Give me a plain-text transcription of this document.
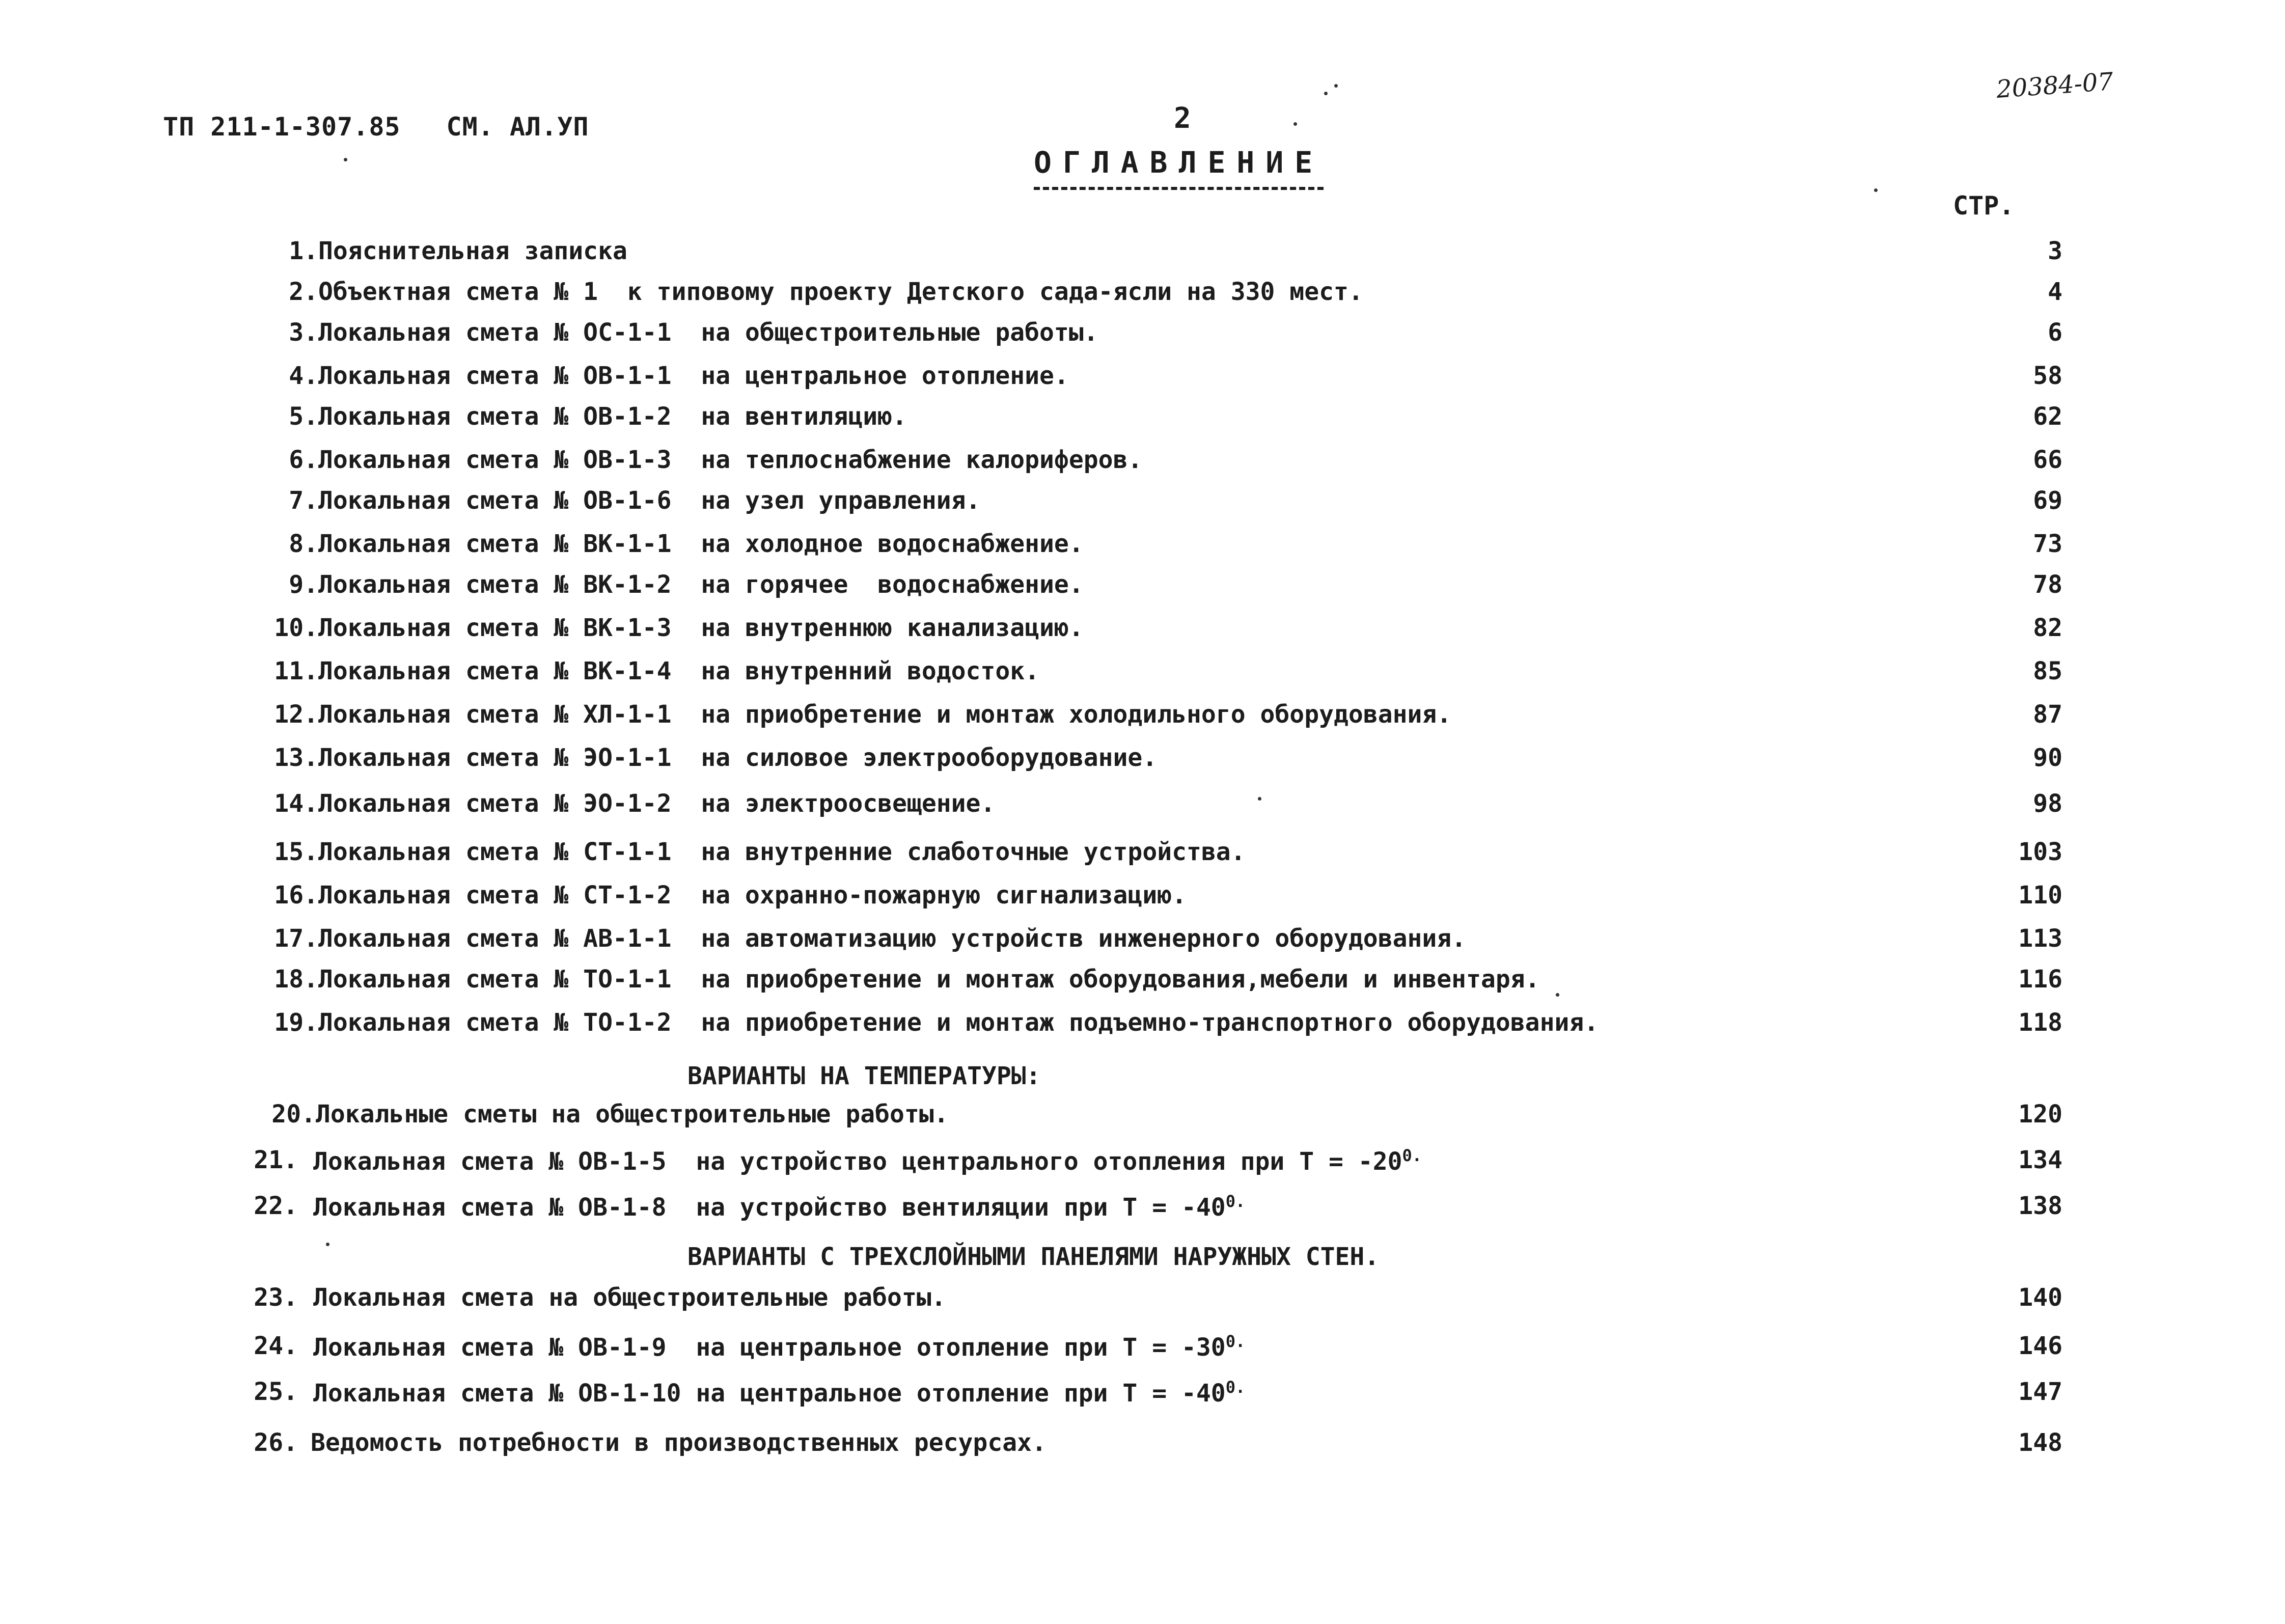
ТП 211-1-307.85 СМ. АЛ.УП	2
20384-07
ОГЛАВЛЕНИЕ
СТР.
ВАРИАНТЫ НА ТЕМПЕРАТУРЫ:
ВАРИАНТЫ С ТРЕХСЛОЙНЫМИ ПАНЕЛЯМИ НАРУЖНЫХ СТЕН.
1. Пояснительная записка	3
2. Объектная смета № 1  к типовому проекту Детского сада-ясли на 330 мест.	4
3. Локальная смета № ОС-1-1  на общестроительные работы.	6
4. Локальная смета № ОВ-1-1  на центральное отопление.	58
5. Локальная смета № ОВ-1-2  на вентиляцию.	62
6. Локальная смета № ОВ-1-3  на теплоснабжение калориферов.	66
7. Локальная смета № ОВ-1-6  на узел управления.	69
8. Локальная смета № ВК-1-1  на холодное водоснабжение.	73
9. Локальная смета № ВК-1-2  на горячее  водоснабжение.	78
10. Локальная смета № ВК-1-3  на внутреннюю канализацию.	82
11. Локальная смета № ВК-1-4  на внутренний водосток.	85
12. Локальная смета № ХЛ-1-1  на приобретение и монтаж холодильного оборудования.	87
13. Локальная смета № ЭО-1-1  на силовое электрооборудование.	90
14. Локальная смета № ЭО-1-2  на электроосвещение.	98
15. Локальная смета № СТ-1-1  на внутренние слаботочные устройства.	103
16. Локальная смета № СТ-1-2  на охранно-пожарную сигнализацию.	110
17. Локальная смета № АВ-1-1  на автоматизацию устройств инженерного оборудования.	113
18. Локальная смета № ТО-1-1  на приобретение и монтаж оборудования,мебели и инвентаря.	116
19. Локальная смета № ТО-1-2  на приобретение и монтаж подъемно-транспортного оборудования.	118
20. Локальные сметы на общестроительные работы.	120
21. Локальная смета № ОВ-1-5  на устройство центрального отопления при $Т = -20^{0.}$	134
22. Локальная смета № ОВ-1-8  на устройство вентиляции при $Т = -40^{0.}$	138
23. Локальная смета на общестроительные работы.	140
24. Локальная смета № ОВ-1-9  на центральное отопление при $Т = -30^{0.}$	146
25. Локальная смета № ОВ-1-10 на центральное отопление при $Т = -40^{0.}$	147
26. Ведомость потребности в производственных ресурсах.	148
